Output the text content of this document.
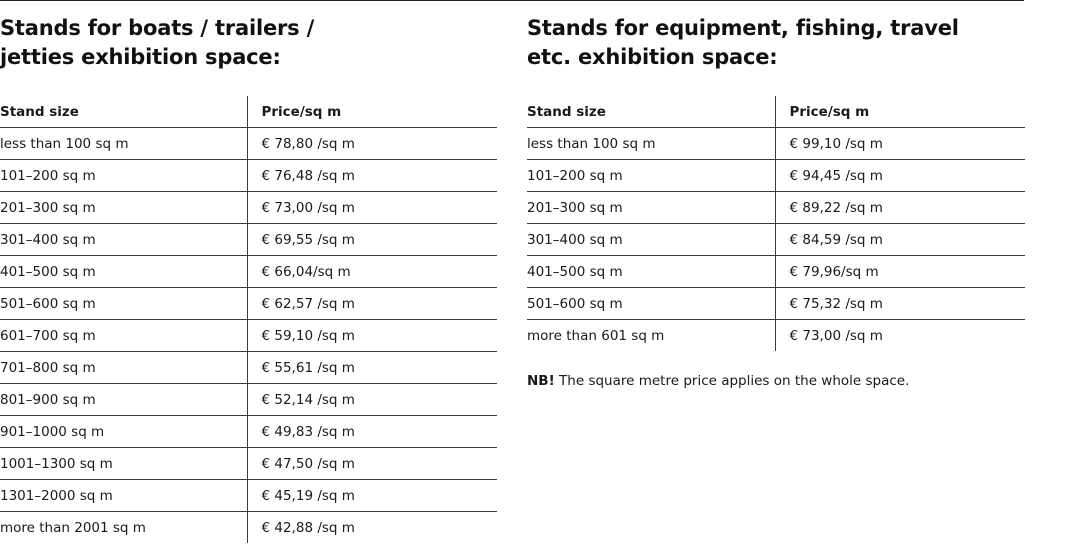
Stands for boats / trailers /
jetties exhibition space:
Stand size	Price/sq m
less than 100 sq m	€ 78,80 /sq m
101–200 sq m	€ 76,48 /sq m
201–300 sq m	€ 73,00 /sq m
301–400 sq m	€ 69,55 /sq m
401–500 sq m	€ 66,04/sq m
501–600 sq m	€ 62,57 /sq m
601–700 sq m	€ 59,10 /sq m
701–800 sq m	€ 55,61 /sq m
801–900 sq m	€ 52,14 /sq m
901–1000 sq m	€ 49,83 /sq m
1001–1300 sq m	€ 47,50 /sq m
1301–2000 sq m	€ 45,19 /sq m
more than 2001 sq m	€ 42,88 /sq m
Stands for equipment, fishing, travel
etc. exhibition space:
Stand size	Price/sq m
less than 100 sq m	€ 99,10 /sq m
101–200 sq m	€ 94,45 /sq m
201–300 sq m	€ 89,22 /sq m
301–400 sq m	€ 84,59 /sq m
401–500 sq m	€ 79,96/sq m
501–600 sq m	€ 75,32 /sq m
more than 601 sq m	€ 73,00 /sq m

NB! The square metre price applies on the whole space.
